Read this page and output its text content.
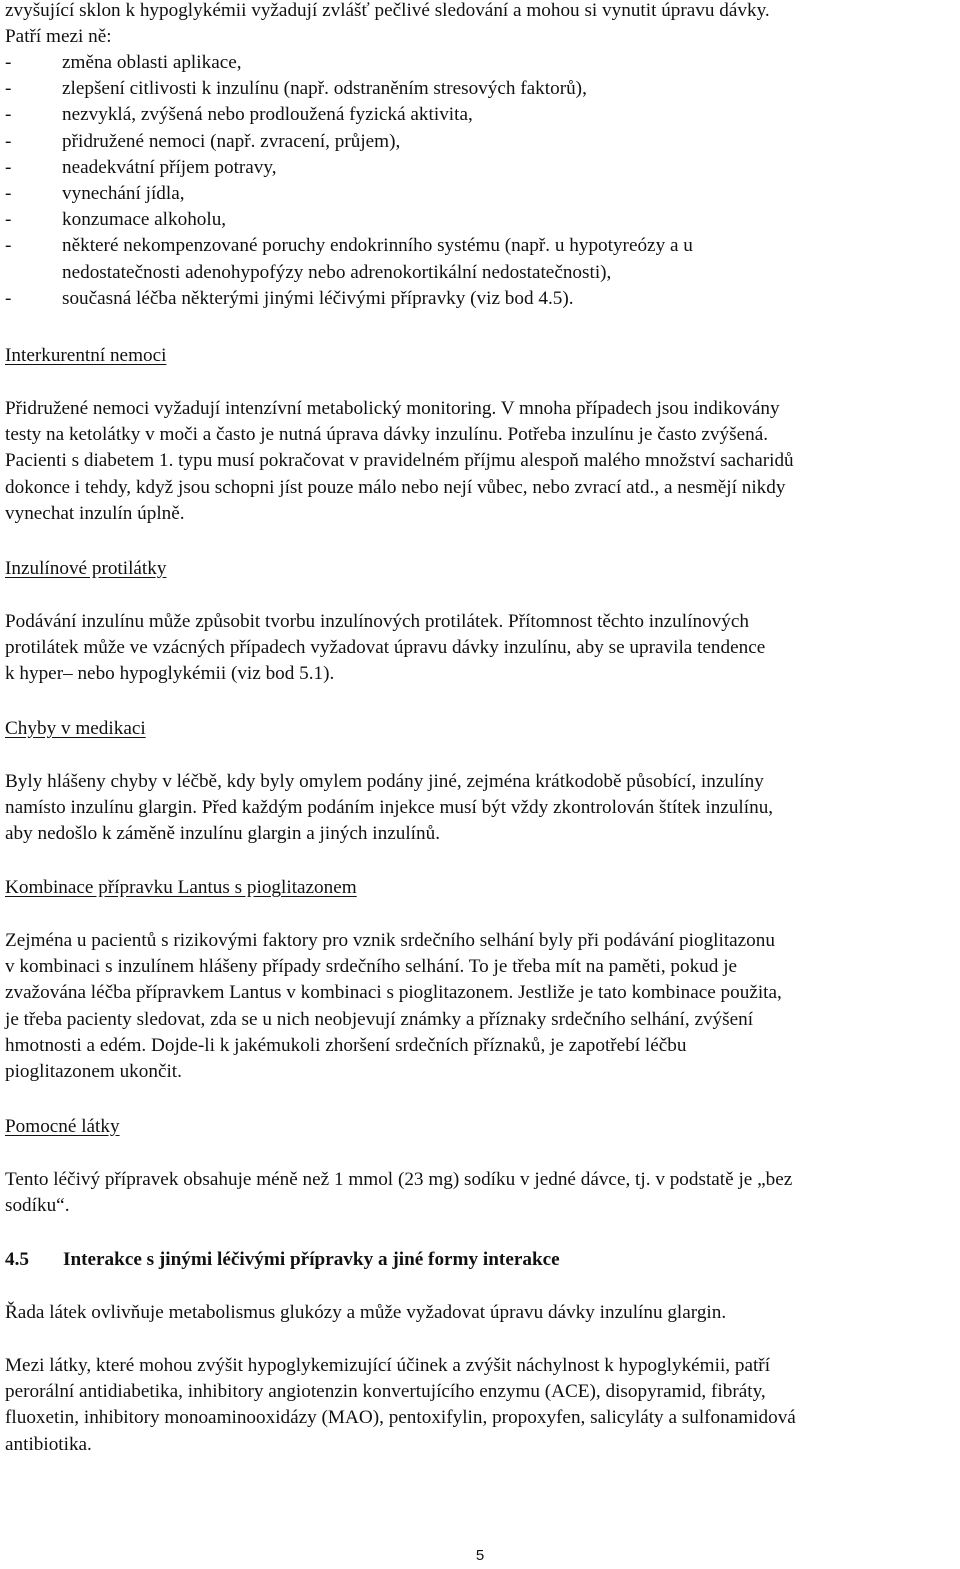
zvyšující sklon k hypoglykémii vyžadují zvlášť pečlivé sledování a mohou si vynutit úpravu dávky.
Patří mezi ně:
-	změna oblasti aplikace,
-	zlepšení citlivosti k inzulínu (např. odstraněním stresových faktorů),
-	nezvyklá, zvýšená nebo prodloužená fyzická aktivita,
-	přidružené nemoci (např. zvracení, průjem),
-	neadekvátní příjem potravy,
-	vynechání jídla,
-	konzumace alkoholu,
-	některé nekompenzované poruchy endokrinního systému (např. u hypotyreózy a u
nedostatečnosti adenohypofýzy nebo adrenokortikální nedostatečnosti),
-	současná léčba některými jinými léčivými přípravky (viz bod 4.5).
Interkurentní nemoci
Přidružené nemoci vyžadují intenzívní metabolický monitoring. V mnoha případech jsou indikovány
testy na ketolátky v moči a často je nutná úprava dávky inzulínu. Potřeba inzulínu je často zvýšená.
Pacienti s diabetem 1. typu musí pokračovat v pravidelném příjmu alespoň malého množství sacharidů
dokonce i tehdy, když jsou schopni jíst pouze málo nebo nejí vůbec, nebo zvrací atd., a nesmějí nikdy
vynechat inzulín úplně.
Inzulínové protilátky
Podávání inzulínu může způsobit tvorbu inzulínových protilátek. Přítomnost těchto inzulínových
protilátek může ve vzácných případech vyžadovat úpravu dávky inzulínu, aby se upravila tendence
k hyper– nebo hypoglykémii (viz bod 5.1).
Chyby v medikaci
Byly hlášeny chyby v léčbě, kdy byly omylem podány jiné, zejména krátkodobě působící, inzulíny
namísto inzulínu glargin. Před každým podáním injekce musí být vždy zkontrolován štítek inzulínu,
aby nedošlo k záměně inzulínu glargin a jiných inzulínů.
Kombinace přípravku Lantus s pioglitazonem
Zejména u pacientů s rizikovými faktory pro vznik srdečního selhání byly při podávání pioglitazonu
v kombinaci s inzulínem hlášeny případy srdečního selhání. To je třeba mít na paměti, pokud je
zvažována léčba přípravkem Lantus v kombinaci s pioglitazonem. Jestliže je tato kombinace použita,
je třeba pacienty sledovat, zda se u nich neobjevují známky a příznaky srdečního selhání, zvýšení
hmotnosti a edém. Dojde-li k jakémukoli zhoršení srdečních příznaků, je zapotřebí léčbu
pioglitazonem ukončit.
Pomocné látky
Tento léčivý přípravek obsahuje méně než 1 mmol (23 mg) sodíku v jedné dávce, tj. v podstatě je „bez
sodíku“.
4.5 Interakce s jinými léčivými přípravky a jiné formy interakce
Řada látek ovlivňuje metabolismus glukózy a může vyžadovat úpravu dávky inzulínu glargin.
Mezi látky, které mohou zvýšit hypoglykemizující účinek a zvýšit náchylnost k hypoglykémii, patří
perorální antidiabetika, inhibitory angiotenzin konvertujícího enzymu (ACE), disopyramid, fibráty,
fluoxetin, inhibitory monoaminooxidázy (MAO), pentoxifylin, propoxyfen, salicyláty a sulfonamidová
antibiotika.
5
